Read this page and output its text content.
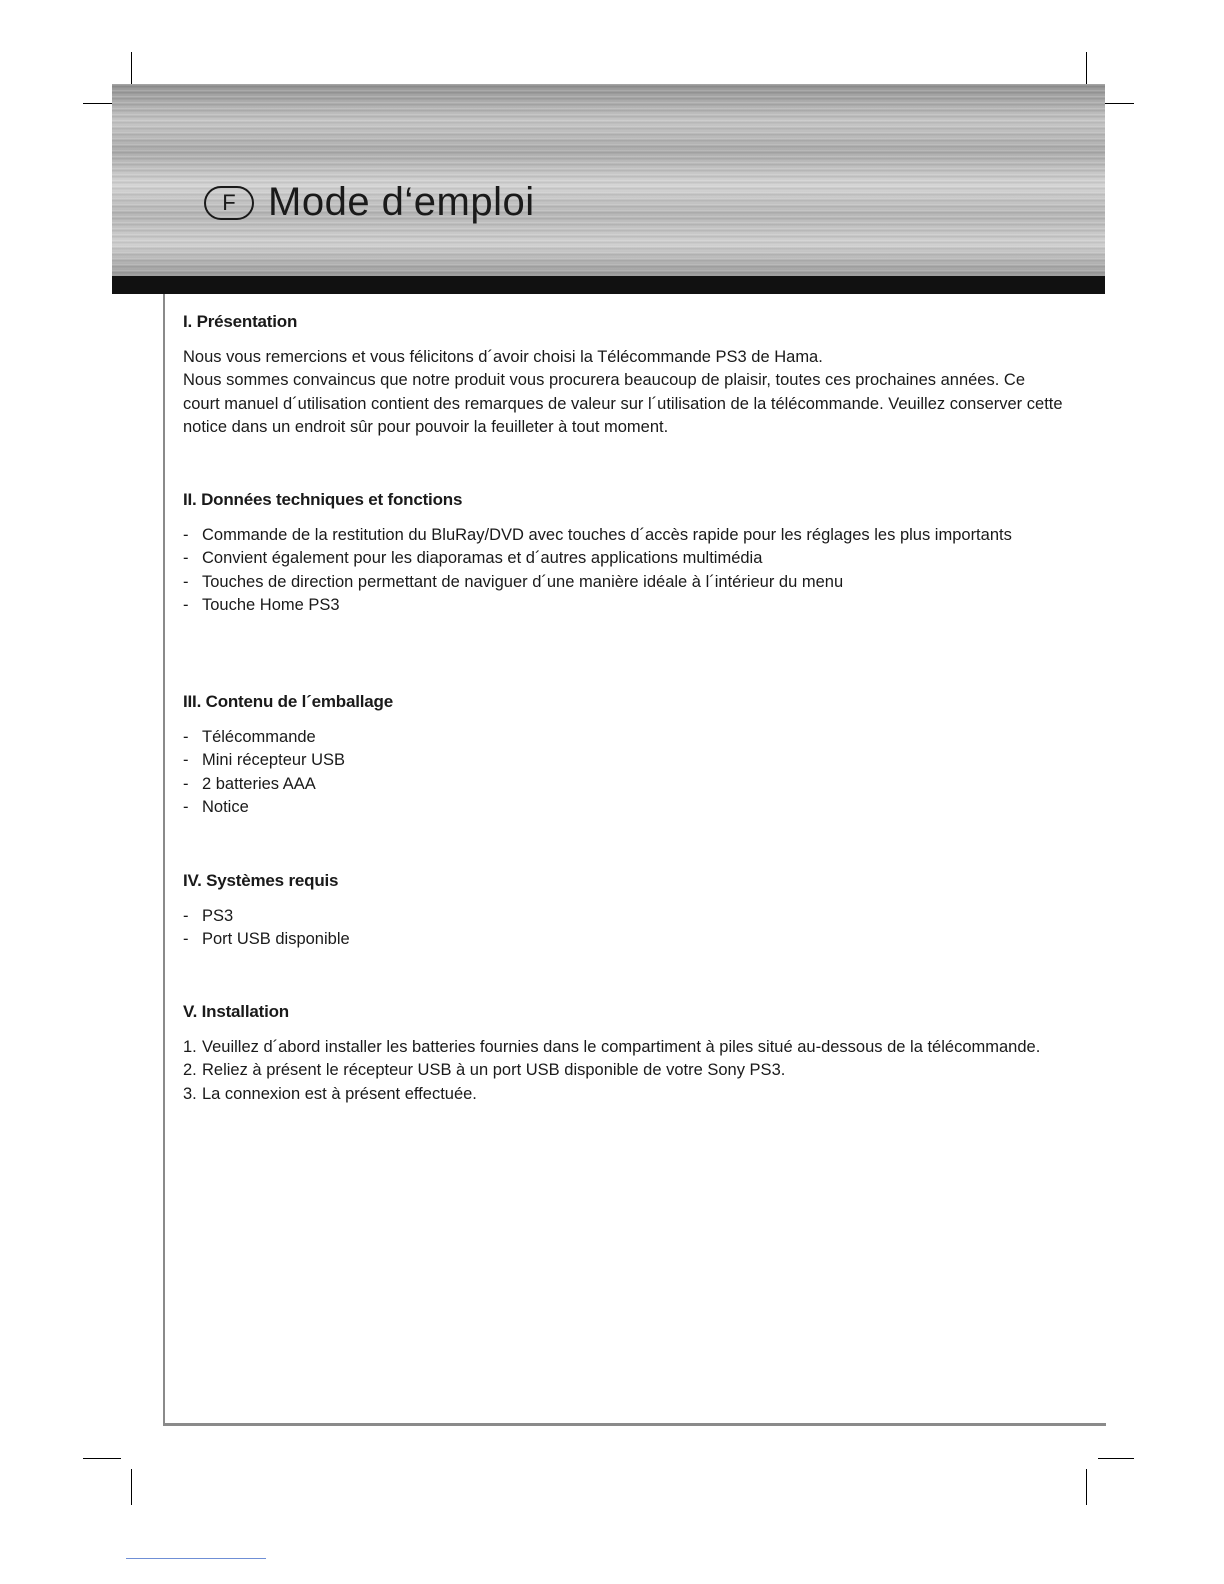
F Mode d‘emploi
I. Présentation

Nous vous remercions et vous félicitons d´avoir choisi la Télécommande PS3 de Hama.

Nous sommes convaincus que notre produit vous procurera beaucoup de plaisir, toutes ces prochaines années. Ce court manuel d´utilisation contient des remarques de valeur sur l´utilisation de la télécommande. Veuillez conserver cette notice dans un endroit sûr pour pouvoir la feuilleter à tout moment.

II. Données techniques et fonctions
- Commande de la restitution du BluRay/DVD avec touches d´accès rapide pour les réglages les plus importants
- Convient également pour les diaporamas et d´autres applications multimédia
- Touches de direction permettant de naviguer d´une manière idéale à l´intérieur du menu
- Touche Home PS3
III. Contenu de l´emballage
- Télécommande
- Mini récepteur USB
- 2 batteries AAA
- Notice
IV. Systèmes requis
- PS3
- Port USB disponible
V. Installation
1. Veuillez d´abord installer les batteries fournies dans le compartiment à piles situé au-dessous de la télécommande.
2. Reliez à présent le récepteur USB à un port USB disponible de votre Sony PS3.
3. La connexion est à présent effectuée.
